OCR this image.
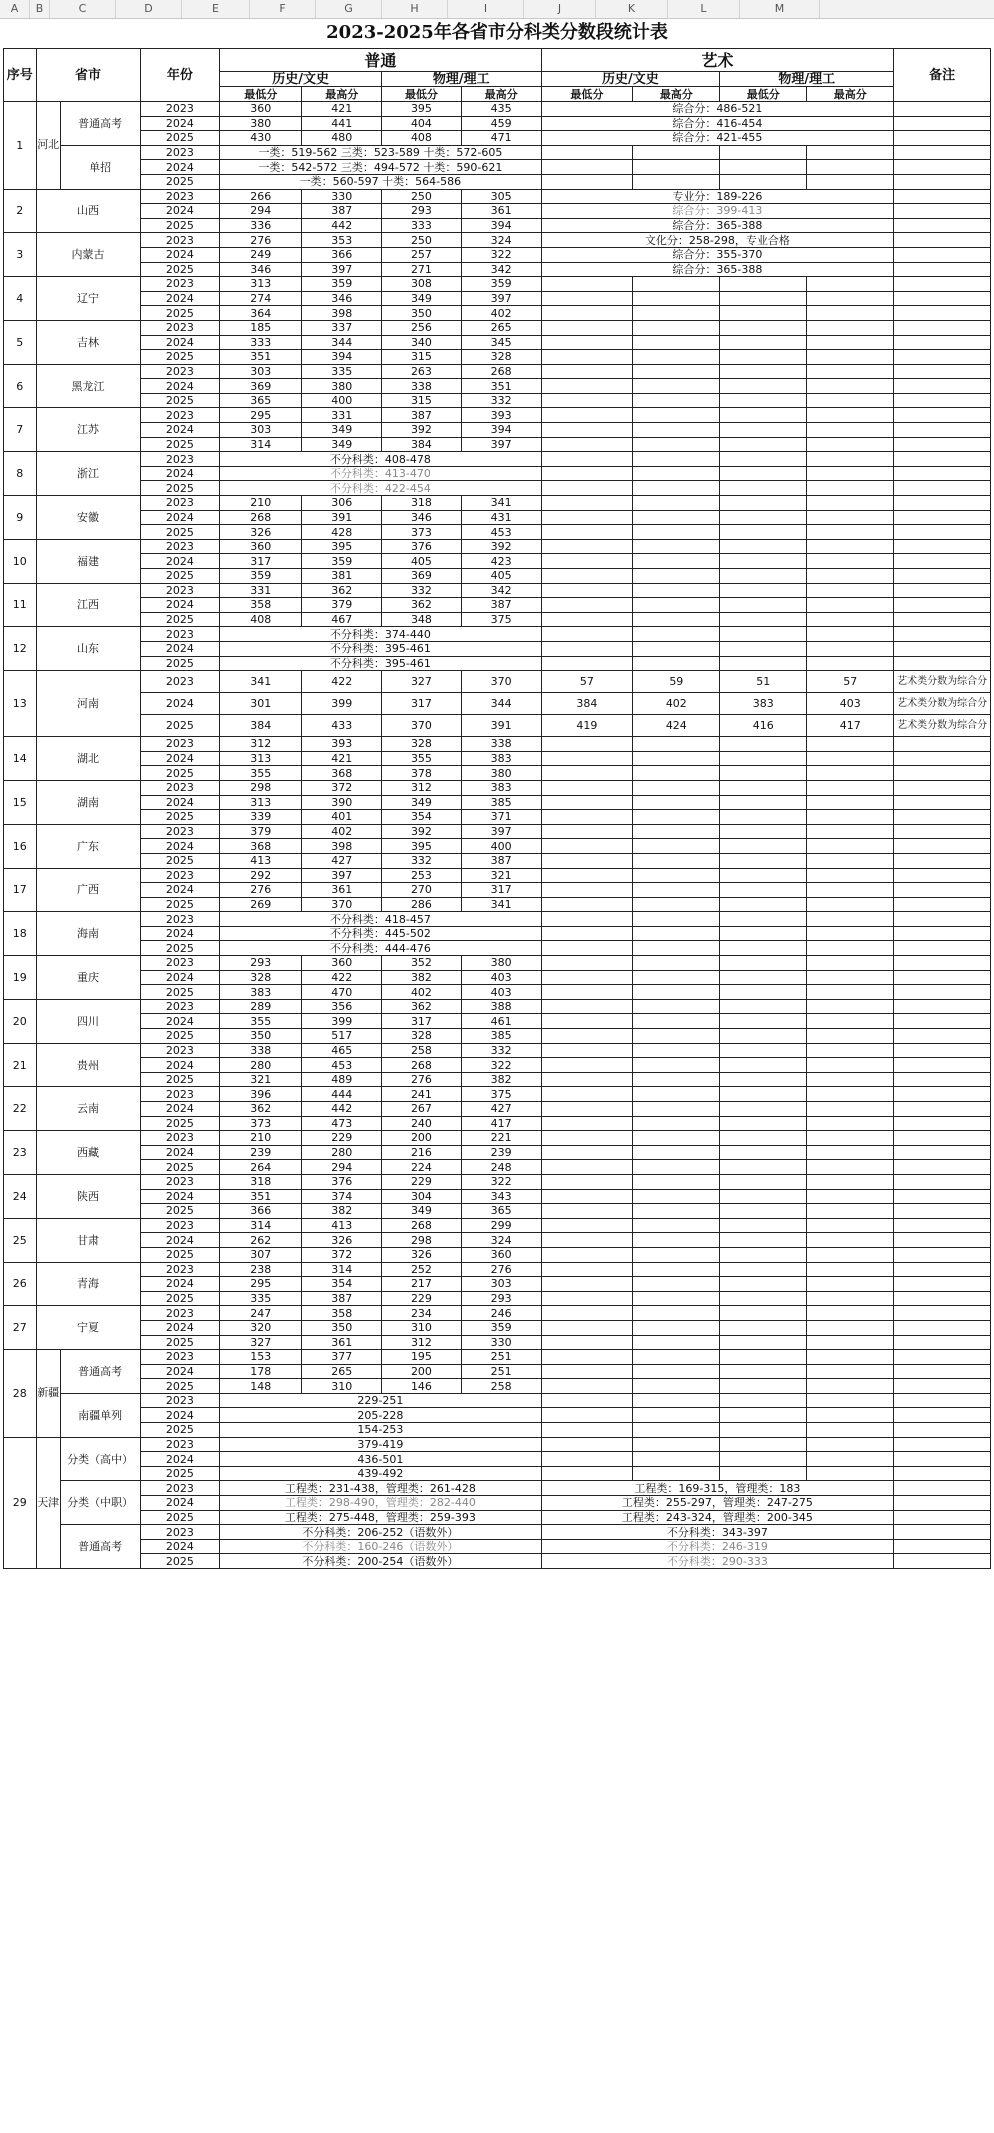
A	B	C	D	E	F	G	H	I	J	K	L	M
2023-2025年各省市分科类分数段统计表
序号	省市		年份	普通				艺术				备注
				历史/文史		物理/理工		历史/文史		物理/理工		
				最低分	最高分	最低分	最高分	最低分	最高分	最低分	最高分	
1	河北	普通高考	2023	360	421	395	435	综合分：486-521				
			2024	380	441	404	459	综合分：416-454				
			2025	430	480	408	471	综合分：421-455				
		单招	2023	一类：519-562 三类：523-589 十类：572-605								
			2024	一类：542-572 三类：494-572 十类：590-621								
			2025	一类：560-597 十类：564-586								
2	山西		2023	266	330	250	305	专业分：189-226				
			2024	294	387	293	361	综合分：399-413				
			2025	336	442	333	394	综合分：365-388				
3	内蒙古		2023	276	353	250	324	文化分：258-298，专业合格				
			2024	249	366	257	322	综合分：355-370				
			2025	346	397	271	342	综合分：365-388				
4	辽宁		2023	313	359	308	359					
			2024	274	346	349	397					
			2025	364	398	350	402					
5	吉林		2023	185	337	256	265					
			2024	333	344	340	345					
			2025	351	394	315	328					
6	黑龙江		2023	303	335	263	268					
			2024	369	380	338	351					
			2025	365	400	315	332					
7	江苏		2023	295	331	387	393					
			2024	303	349	392	394					
			2025	314	349	384	397					
8	浙江		2023	不分科类：408-478								
			2024	不分科类：413-470								
			2025	不分科类：422-454								
9	安徽		2023	210	306	318	341					
			2024	268	391	346	431					
			2025	326	428	373	453					
10	福建		2023	360	395	376	392					
			2024	317	359	405	423					
			2025	359	381	369	405					
11	江西		2023	331	362	332	342					
			2024	358	379	362	387					
			2025	408	467	348	375					
12	山东		2023	不分科类：374-440								
			2024	不分科类：395-461								
			2025	不分科类：395-461								
13	河南		2023	341	422	327	370	57	59	51	57	艺术类分数为综合分
			2024	301	399	317	344	384	402	383	403	艺术类分数为综合分
			2025	384	433	370	391	419	424	416	417	艺术类分数为综合分
14	湖北		2023	312	393	328	338					
			2024	313	421	355	383					
			2025	355	368	378	380					
15	湖南		2023	298	372	312	383					
			2024	313	390	349	385					
			2025	339	401	354	371					
16	广东		2023	379	402	392	397					
			2024	368	398	395	400					
			2025	413	427	332	387					
17	广西		2023	292	397	253	321					
			2024	276	361	270	317					
			2025	269	370	286	341					
18	海南		2023	不分科类：418-457								
			2024	不分科类：445-502								
			2025	不分科类：444-476								
19	重庆		2023	293	360	352	380					
			2024	328	422	382	403					
			2025	383	470	402	403					
20	四川		2023	289	356	362	388					
			2024	355	399	317	461					
			2025	350	517	328	385					
21	贵州		2023	338	465	258	332					
			2024	280	453	268	322					
			2025	321	489	276	382					
22	云南		2023	396	444	241	375					
			2024	362	442	267	427					
			2025	373	473	240	417					
23	西藏		2023	210	229	200	221					
			2024	239	280	216	239					
			2025	264	294	224	248					
24	陕西		2023	318	376	229	322					
			2024	351	374	304	343					
			2025	366	382	349	365					
25	甘肃		2023	314	413	268	299					
			2024	262	326	298	324					
			2025	307	372	326	360					
26	青海		2023	238	314	252	276					
			2024	295	354	217	303					
			2025	335	387	229	293					
27	宁夏		2023	247	358	234	246					
			2024	320	350	310	359					
			2025	327	361	312	330					
28	新疆	普通高考	2023	153	377	195	251					
			2024	178	265	200	251					
			2025	148	310	146	258					
		南疆单列	2023	229-251								
			2024	205-228								
			2025	154-253								
29	天津	分类（高中）	2023	379-419								
			2024	436-501								
			2025	439-492								
		分类（中职）	2023	工程类：231-438，管理类：261-428				工程类：169-315，管理类：183				
			2024	工程类：298-490，管理类：282-440				工程类：255-297，管理类：247-275				
			2025	工程类：275-448，管理类：259-393				工程类：243-324，管理类：200-345				
		普通高考	2023	不分科类：206-252（语数外）				不分科类：343-397				
			2024	不分科类：160-246（语数外）				不分科类：246-319				
			2025	不分科类：200-254（语数外）				不分科类：290-333				
